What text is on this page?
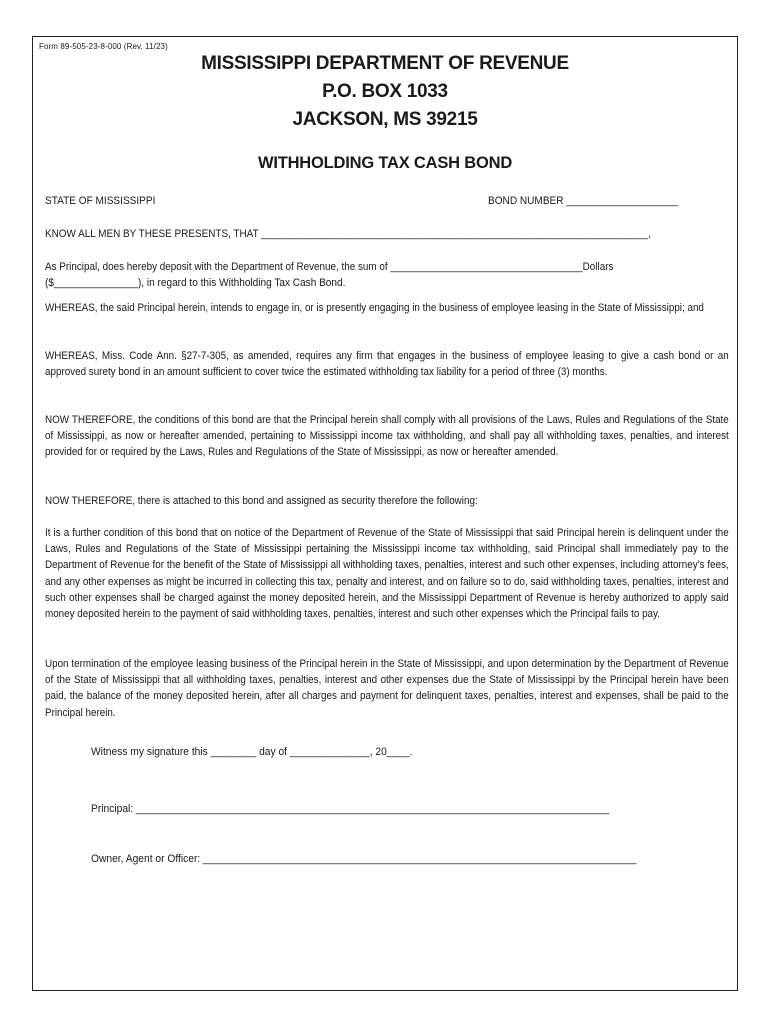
Form 89-505-23-8-000 (Rev. 11/23)
MISSISSIPPI DEPARTMENT OF REVENUE
P.O. BOX 1033
JACKSON, MS 39215
WITHHOLDING TAX CASH BOND
STATE OF MISSISSIPPI	BOND NUMBER ____________________
KNOW ALL MEN BY THESE PRESENTS, THAT ______________________________________________________________________,
As Principal, does hereby deposit with the Department of Revenue, the sum of ___________________________________Dollars
($_______________), in regard to this Withholding Tax Cash Bond.
WHEREAS, the said Principal herein, intends to engage in, or is presently engaging in the business of employee leasing in the State of Mississippi; and
WHEREAS, Miss. Code Ann. §27-7-305, as amended, requires any firm that engages in the business of employee leasing to give a cash bond or an approved surety bond in an amount sufficient to cover twice the estimated withholding tax liability for a period of three (3) months.
NOW THEREFORE, the conditions of this bond are that the Principal herein shall comply with all provisions of the Laws, Rules and Regulations of the State of Mississippi, as now or hereafter amended, pertaining to Mississippi income tax withholding, and shall pay all withholding taxes, penalties, and interest provided for or required by the Laws, Rules and Regulations of the State of Mississippi, as now or hereafter amended.
NOW THEREFORE, there is attached to this bond and assigned as security therefore the following:
It is a further condition of this bond that on notice of the Department of Revenue of the State of Mississippi that said Principal herein is delinquent under the Laws, Rules and Regulations of the State of Mississippi pertaining the Mississippi income tax withholding, said Principal shall immediately pay to the Department of Revenue for the benefit of the State of Mississippi all withholding taxes, penalties, interest and such other expenses, including attorney’s fees, and any other expenses as might be incurred in collecting this tax, penalty and interest, and on failure so to do, said withholding taxes, penalties, interest and such other expenses shall be charged against the money deposited herein, and the Mississippi Department of Revenue is hereby authorized to apply said money deposited herein to the payment of said withholding taxes, penalties, interest and such other expenses which the Principal fails to pay.
Upon termination of the employee leasing business of the Principal herein in the State of Mississippi, and upon determination by the Department of Revenue of the State of Mississippi that all withholding taxes, penalties, interest and other expenses due the State of Mississippi by the Principal herein have been paid, the balance of the money deposited herein, after all charges and payment for delinquent taxes, penalties, interest and expenses, shall be paid to the Principal herein.
Witness my signature this ________ day of ______________, 20____.
Principal: ___________________________________________________________________________________
Owner, Agent or Officer: ____________________________________________________________________________
